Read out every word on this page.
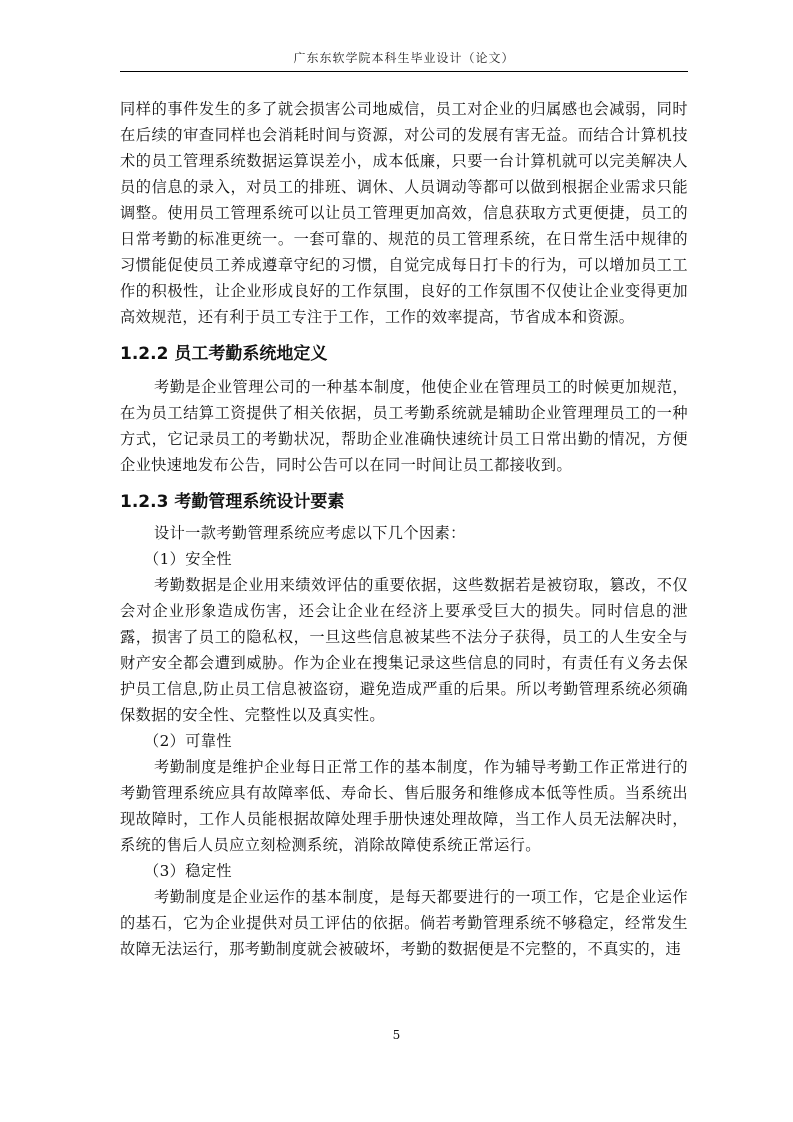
广东东软学院本科生毕业设计（论文）

同样的事件发生的多了就会损害公司地威信，员工对企业的归属感也会减弱，同时在后续的审查同样也会消耗时间与资源，对公司的发展有害无益。而结合计算机技术的员工管理系统数据运算误差小，成本低廉，只要一台计算机就可以完美解决人员的信息的录入，对员工的排班、调休、人员调动等都可以做到根据企业需求只能调整。使用员工管理系统可以让员工管理更加高效，信息获取方式更便捷，员工的日常考勤的标准更统一。一套可靠的、规范的员工管理系统，在日常生活中规律的习惯能促使员工养成遵章守纪的习惯，自觉完成每日打卡的行为，可以增加员工工作的积极性，让企业形成良好的工作氛围，良好的工作氛围不仅使让企业变得更加高效规范，还有利于员工专注于工作，工作的效率提高，节省成本和资源。

1.2.2 员工考勤系统地定义

考勤是企业管理公司的一种基本制度，他使企业在管理员工的时候更加规范，在为员工结算工资提供了相关依据，员工考勤系统就是辅助企业管理理员工的一种方式，它记录员工的考勤状况，帮助企业准确快速统计员工日常出勤的情况，方便企业快速地发布公告，同时公告可以在同一时间让员工都接收到。

1.2.3 考勤管理系统设计要素

设计一款考勤管理系统应考虑以下几个因素：

（1）安全性

考勤数据是企业用来绩效评估的重要依据，这些数据若是被窃取，篡改，不仅会对企业形象造成伤害，还会让企业在经济上要承受巨大的损失。同时信息的泄露，损害了员工的隐私权，一旦这些信息被某些不法分子获得，员工的人生安全与财产安全都会遭到威胁。作为企业在搜集记录这些信息的同时，有责任有义务去保护员工信息,防止员工信息被盗窃，避免造成严重的后果。所以考勤管理系统必须确保数据的安全性、完整性以及真实性。

（2）可靠性

考勤制度是维护企业每日正常工作的基本制度，作为辅导考勤工作正常进行的考勤管理系统应具有故障率低、寿命长、售后服务和维修成本低等性质。当系统出现故障时，工作人员能根据故障处理手册快速处理故障，当工作人员无法解决时，系统的售后人员应立刻检测系统，消除故障使系统正常运行。

（3）稳定性

考勤制度是企业运作的基本制度，是每天都要进行的一项工作，它是企业运作的基石，它为企业提供对员工评估的依据。倘若考勤管理系统不够稳定，经常发生故障无法运行，那考勤制度就会被破坏，考勤的数据便是不完整的，不真实的，违

5
